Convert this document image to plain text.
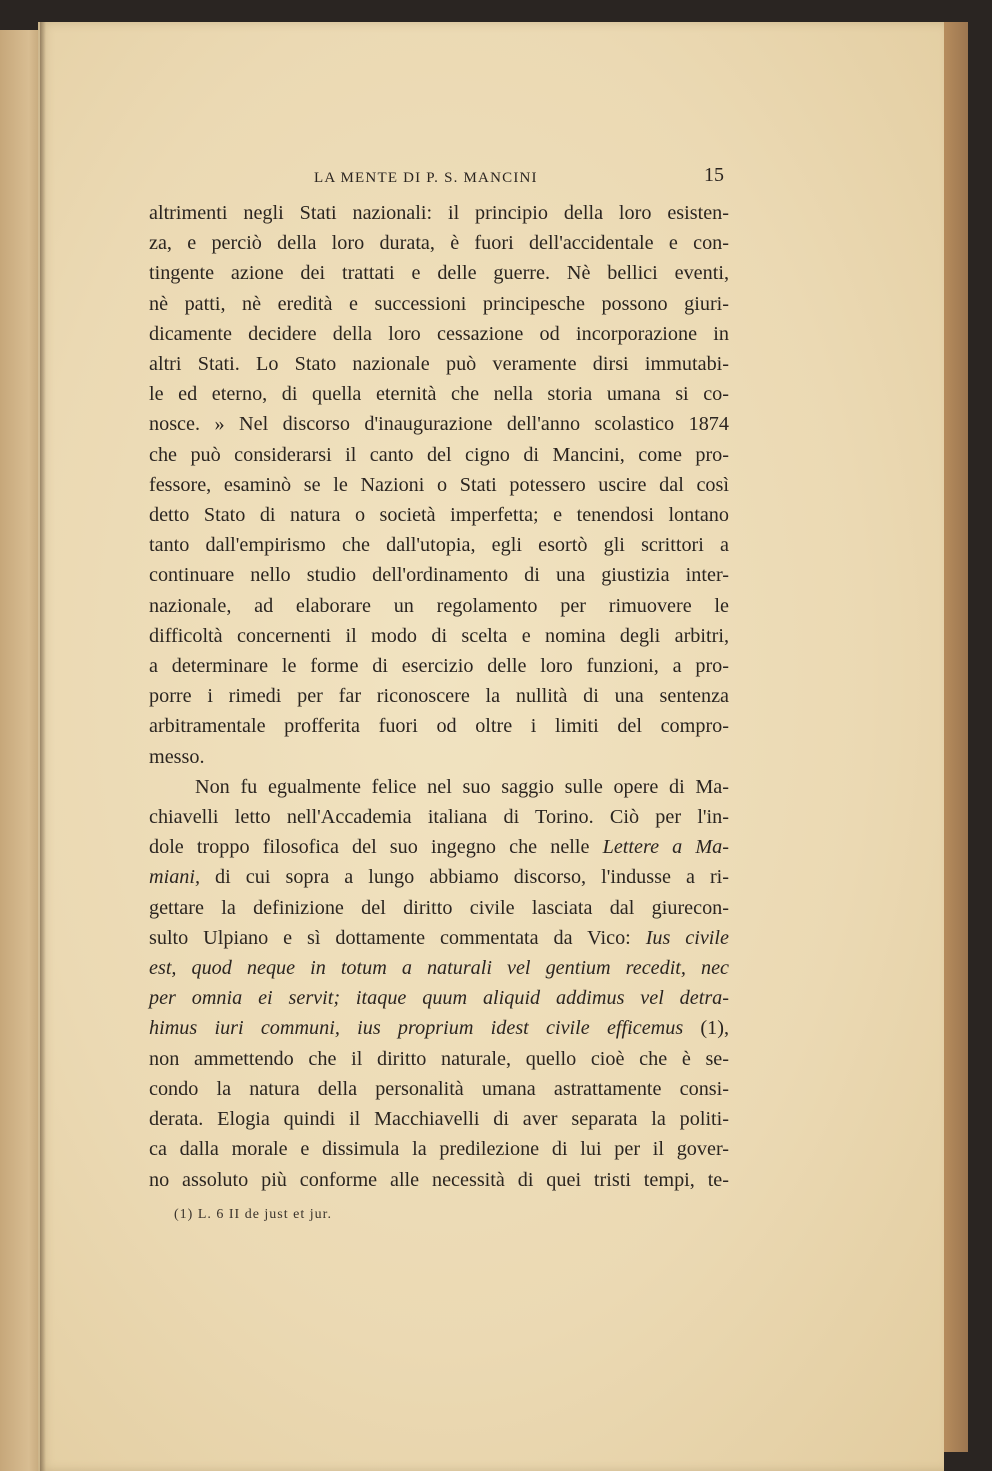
LA MENTE DI P. S. MANCINI	15
altrimenti negli Stati nazionali: il principio della loro esisten-
za, e perciò della loro durata, è fuori dell'accidentale e con-
tingente azione dei trattati e delle guerre. Nè bellici eventi,
nè patti, nè eredità e successioni principesche possono giuri-
dicamente decidere della loro cessazione od incorporazione in
altri Stati. Lo Stato nazionale può veramente dirsi immutabi-
le ed eterno, di quella eternità che nella storia umana si co-
nosce. » Nel discorso d'inaugurazione dell'anno scolastico 1874
che può considerarsi il canto del cigno di Mancini, come pro-
fessore, esaminò se le Nazioni o Stati potessero uscire dal così
detto Stato di natura o società imperfetta; e tenendosi lontano
tanto dall'empirismo che dall'utopia, egli esortò gli scrittori a
continuare nello studio dell'ordinamento di una giustizia inter-
nazionale, ad elaborare un regolamento per rimuovere le
difficoltà concernenti il modo di scelta e nomina degli arbitri,
a determinare le forme di esercizio delle loro funzioni, a pro-
porre i rimedi per far riconoscere la nullità di una sentenza
arbitramentale profferita fuori od oltre i limiti del compro-
messo.
Non fu egualmente felice nel suo saggio sulle opere di Ma-
chiavelli letto nell'Accademia italiana di Torino. Ciò per l'in-
dole troppo filosofica del suo ingegno che nelle Lettere a Ma-
miani, di cui sopra a lungo abbiamo discorso, l'indusse a ri-
gettare la definizione del diritto civile lasciata dal giurecon-
sulto Ulpiano e sì dottamente commentata da Vico: Ius civile
est, quod neque in totum a naturali vel gentium recedit, nec
per omnia ei servit; itaque quum aliquid addimus vel detra-
himus iuri communi, ius proprium idest civile efficemus (1),
non ammettendo che il diritto naturale, quello cioè che è se-
condo la natura della personalità umana astrattamente consi-
derata. Elogia quindi il Macchiavelli di aver separata la politi-
ca dalla morale e dissimula la predilezione di lui per il gover-
no assoluto più conforme alle necessità di quei tristi tempi, te-
(1) L. 6 II de just et jur.
